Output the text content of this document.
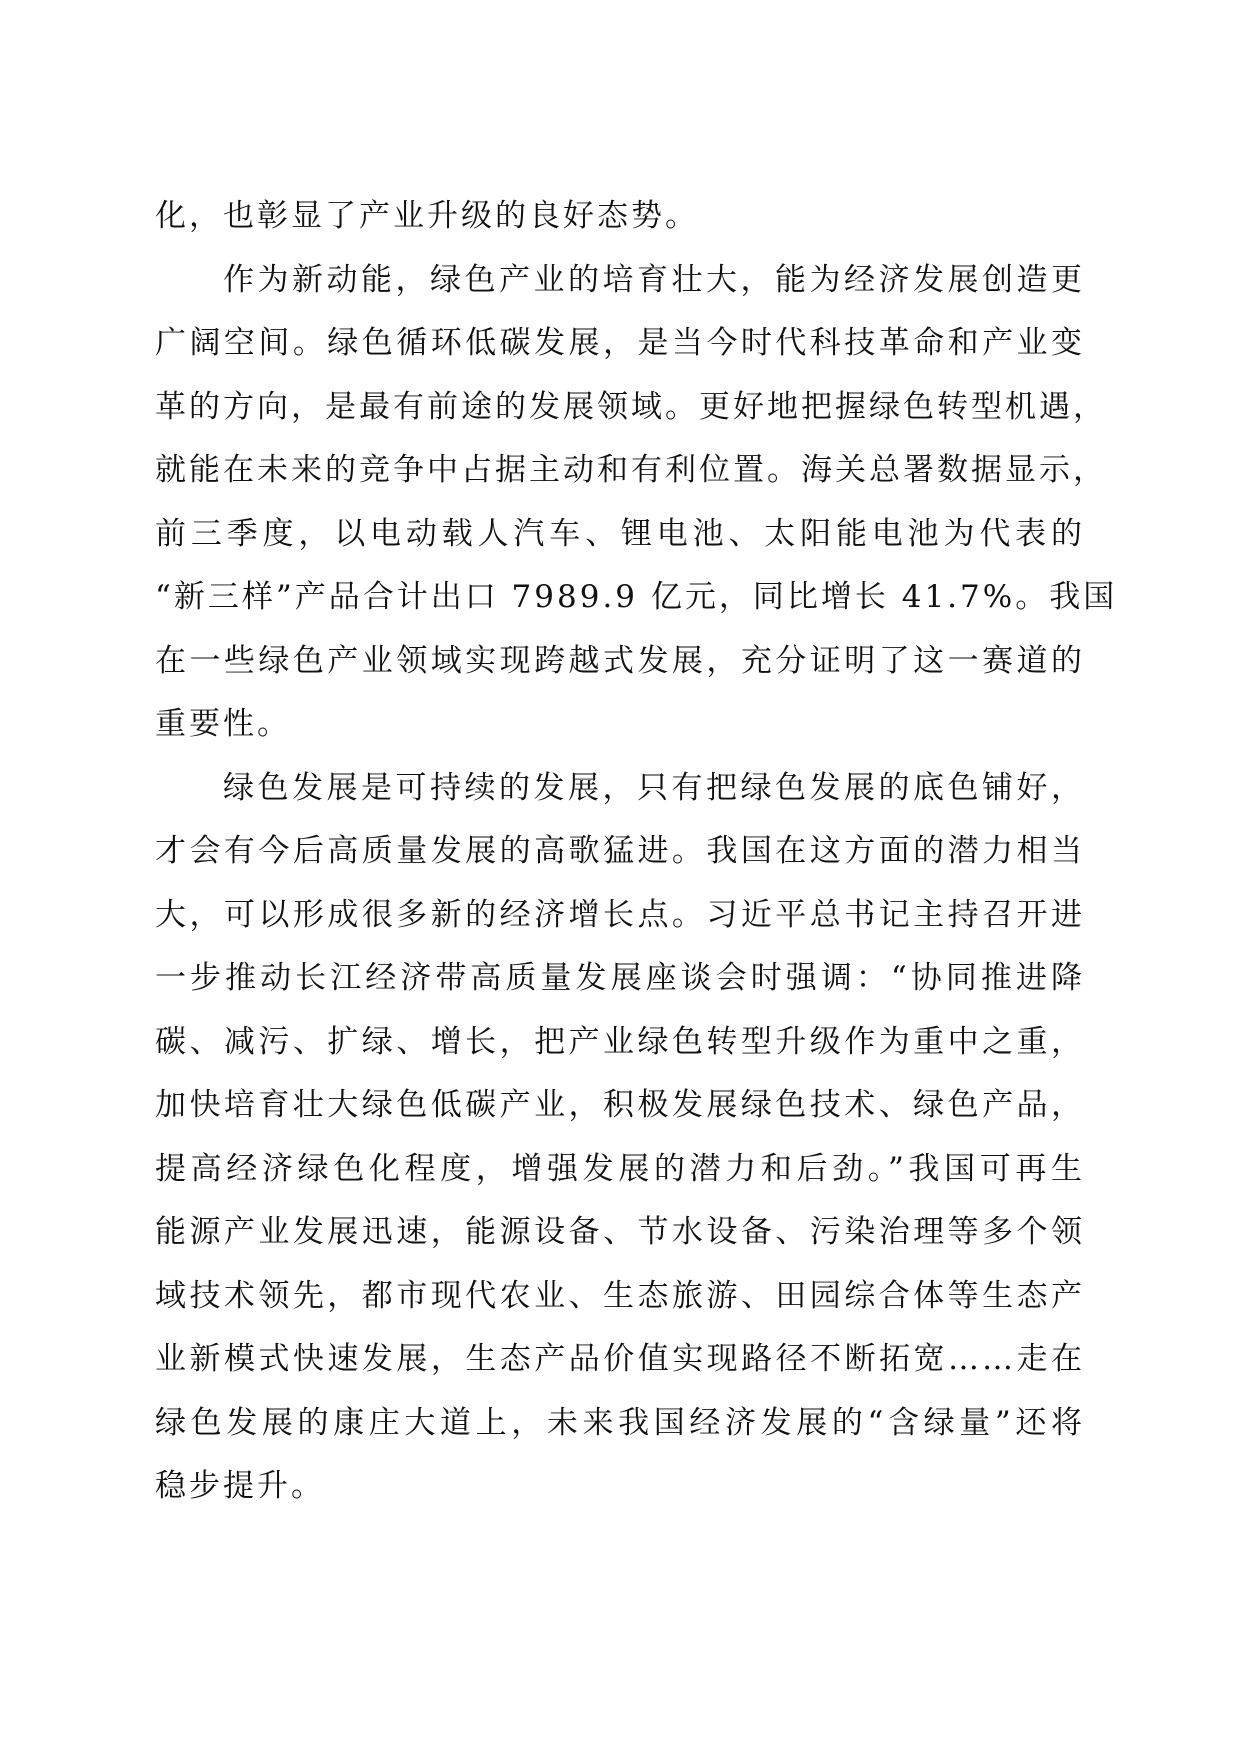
化，也彰显了产业升级的良好态势。
作为新动能，绿色产业的培育壮大，能为经济发展创造更
广阔空间。绿色循环低碳发展，是当今时代科技革命和产业变
革的方向，是最有前途的发展领域。更好地把握绿色转型机遇，
就能在未来的竞争中占据主动和有利位置。海关总署数据显示，
前三季度，以电动载人汽车、锂电池、太阳能电池为代表的
“新三样”产品合计出口 7989.9 亿元，同比增长 41.7%。我国
在一些绿色产业领域实现跨越式发展，充分证明了这一赛道的
重要性。
绿色发展是可持续的发展，只有把绿色发展的底色铺好，
才会有今后高质量发展的高歌猛进。我国在这方面的潜力相当
大，可以形成很多新的经济增长点。习近平总书记主持召开进
一步推动长江经济带高质量发展座谈会时强调：“协同推进降
碳、减污、扩绿、增长，把产业绿色转型升级作为重中之重，
加快培育壮大绿色低碳产业，积极发展绿色技术、绿色产品，
提高经济绿色化程度，增强发展的潜力和后劲。”我国可再生
能源产业发展迅速，能源设备、节水设备、污染治理等多个领
域技术领先，都市现代农业、生态旅游、田园综合体等生态产
业新模式快速发展，生态产品价值实现路径不断拓宽……走在
绿色发展的康庄大道上，未来我国经济发展的“含绿量”还将
稳步提升。
